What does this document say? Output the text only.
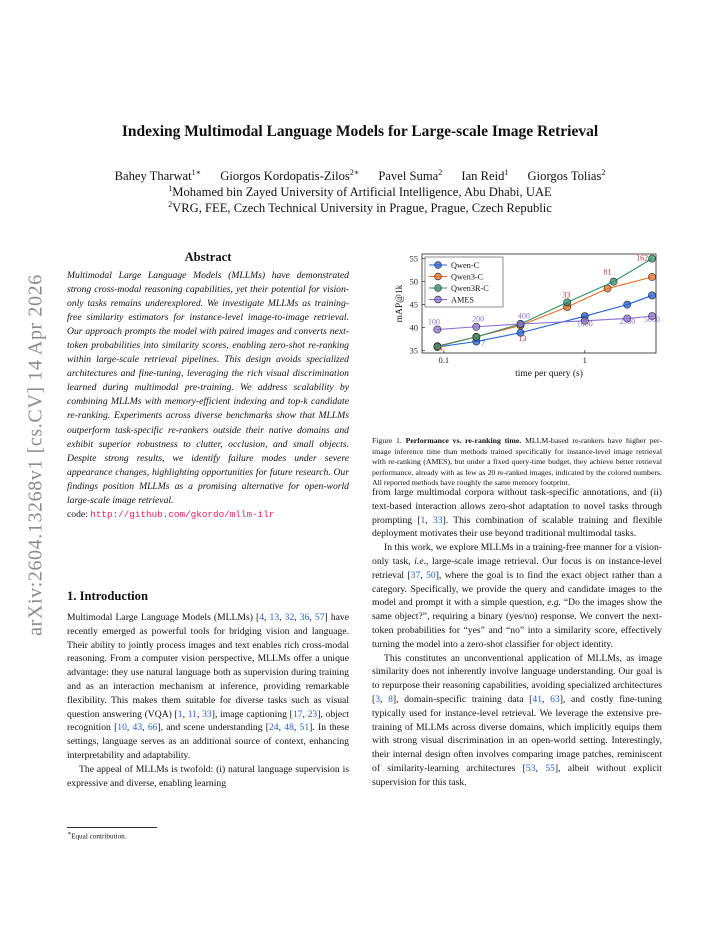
arXiv:2604.13268v1 [cs.CV] 14 Apr 2026
Indexing Multimodal Language Models for Large-scale Image Retrieval
Bahey Tharwat$^{1∗}$ Giorgos Kordopatis-Zilos$^{2∗}$ Pavel Suma$^2$ Ian Reid$^1$ Giorgos Tolias$^2$
$^1$Mohamed bin Zayed University of Artificial Intelligence, Abu Dhabi, UAE
$^2$VRG, FEE, Czech Technical University in Prague, Prague, Czech Republic
Abstract
Multimodal Large Language Models (MLLMs) have demonstrated strong cross-modal reasoning capabilities, yet their potential for vision-only tasks remains underexplored. We investigate MLLMs as training-free similarity estimators for instance-level image-to-image retrieval. Our approach prompts the model with paired images and converts next-token probabilities into similarity scores, enabling zero-shot re-ranking within large-scale retrieval pipelines. This design avoids specialized architectures and fine-tuning, leveraging the rich visual discrimination learned during multimodal pre-training. We address scalability by combining MLLMs with memory-efficient indexing and top-k candidate re-ranking. Experiments across diverse benchmarks show that MLLMs outperform task-specific re-rankers outside their native domains and exhibit superior robustness to clutter, occlusion, and small objects. Despite strong results, we identify failure modes under severe appearance changes, highlighting opportunities for future research. Our findings position MLLMs as a promising alternative for open-world large-scale image retrieval.
code: http://github.com/gkordo/mllm-ilr
1. Introduction

Multimodal Large Language Models (MLLMs) [4, 13, 32, 36, 57] have recently emerged as powerful tools for bridging vision and language. Their ability to jointly process images and text enables rich cross-modal reasoning. From a computer vision perspective, MLLMs offer a unique advantage: they use natural language both as supervision during training and as an interaction mechanism at inference, providing remarkable flexibility. This makes them suitable for diverse tasks such as visual question answering (VQA) [1, 11, 33], image captioning [17, 23], object recognition [10, 43, 66], and scene understanding [24, 48, 51]. In these settings, language serves as an additional source of context, enhancing interpretability and adaptability.

The appeal of MLLMs is twofold: (i) natural language supervision is expressive and diverse, enabling learning

∗Equal contribution.
35
40
45
50
55
0.1	1
time per query (s)
mAP@1k
4
7
13
33
81
162
100	200	400
1000	2500 5000
Qwen-C
Qwen3-C
Qwen3R-C
AMES
Figure 1. Performance vs. re-ranking time. MLLM-based re-rankers have higher per-image inference time than methods trained specifically for instance-level image retrieval with re-ranking (AMES), but under a fixed query-time budget, they achieve better retrieval performance, already with as few as 20 re-ranked images, indicated by the colored numbers. All reported methods have roughly the same memory footprint.

from large multimodal corpora without task-specific annotations, and (ii) text-based interaction allows zero-shot adaptation to novel tasks through prompting [1, 33]. This combination of scalable training and flexible deployment motivates their use beyond traditional multimodal tasks.

In this work, we explore MLLMs in a training-free manner for a vision-only task, i.e., large-scale image retrieval. Our focus is on instance-level retrieval [37, 50], where the goal is to find the exact object rather than a category. Specifically, we provide the query and candidate images to the model and prompt it with a simple question, e.g. “Do the images show the same object?”, requiring a binary (yes/no) response. We convert the next-token probabilities for “yes” and “no” into a similarity score, effectively turning the model into a zero-shot classifier for object identity.

This constitutes an unconventional application of MLLMs, as image similarity does not inherently involve language understanding. Our goal is to repurpose their reasoning capabilities, avoiding specialized architectures [3, 8], domain-specific training data [41, 63], and costly fine-tuning typically used for instance-level retrieval. We leverage the extensive pre-training of MLLMs across diverse domains, which implicitly equips them with strong visual discrimination in an open-world setting. Interestingly, their internal design often involves comparing image patches, reminiscent of similarity-learning architectures [53, 55], albeit without explicit supervision for this task.
